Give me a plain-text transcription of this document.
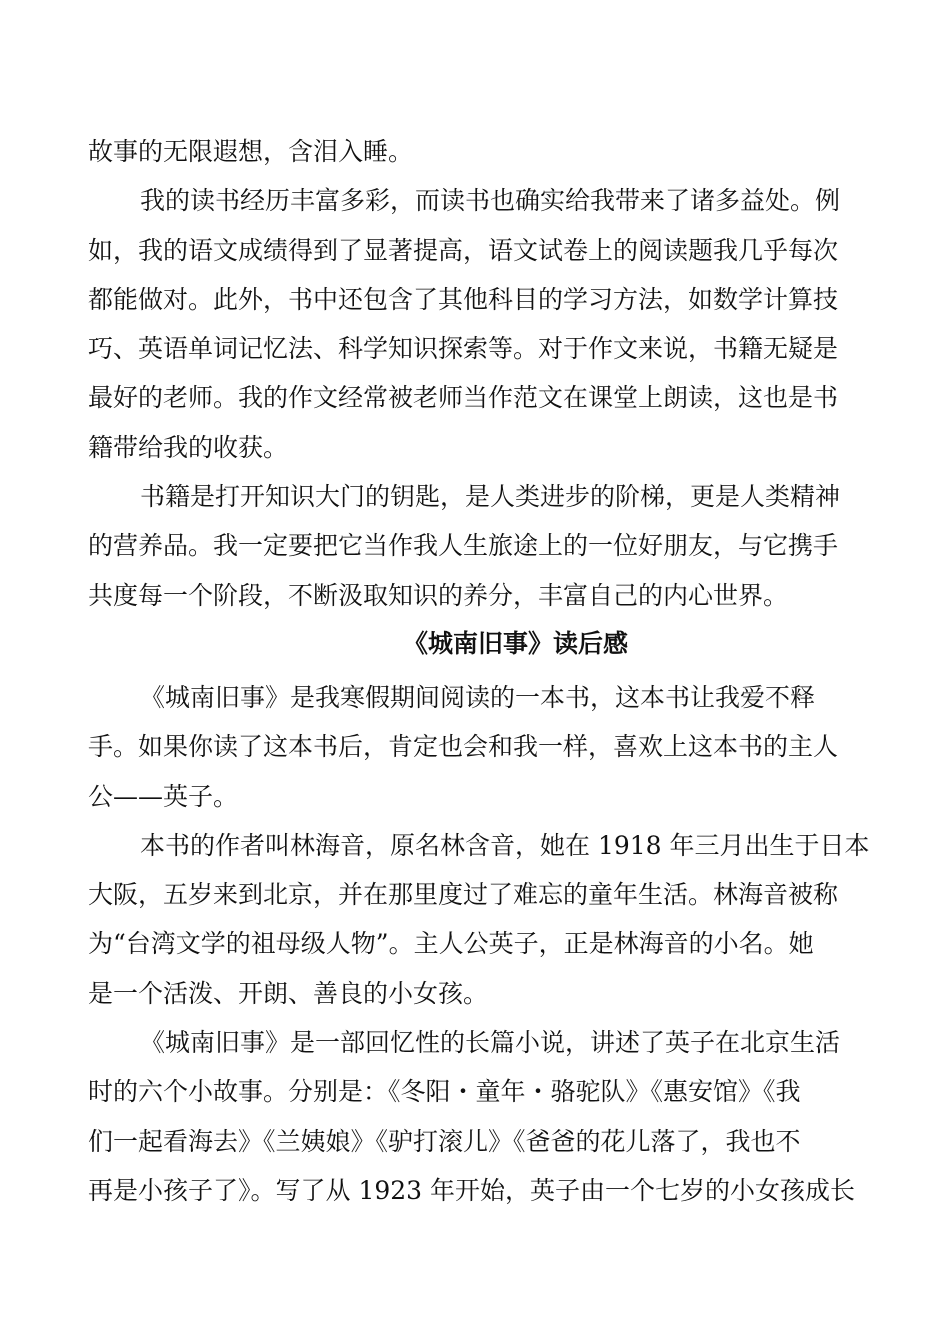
故事的无限遐想，含泪入睡。
我的读书经历丰富多彩，而读书也确实给我带来了诸多益处。例
如，我的语文成绩得到了显著提高，语文试卷上的阅读题我几乎每次
都能做对。此外，书中还包含了其他科目的学习方法，如数学计算技
巧、英语单词记忆法、科学知识探索等。对于作文来说，书籍无疑是
最好的老师。我的作文经常被老师当作范文在课堂上朗读，这也是书
籍带给我的收获。
书籍是打开知识大门的钥匙，是人类进步的阶梯，更是人类精神
的营养品。我一定要把它当作我人生旅途上的一位好朋友，与它携手
共度每一个阶段，不断汲取知识的养分，丰富自己的内心世界。
《城南旧事》读后感
《城南旧事》是我寒假期间阅读的一本书，这本书让我爱不释
手。如果你读了这本书后，肯定也会和我一样，喜欢上这本书的主人
公——英子。
本书的作者叫林海音，原名林含音，她在 1918 年三月出生于日本
大阪，五岁来到北京，并在那里度过了难忘的童年生活。林海音被称
为“台湾文学的祖母级人物”。主人公英子，正是林海音的小名。她
是一个活泼、开朗、善良的小女孩。
《城南旧事》是一部回忆性的长篇小说，讲述了英子在北京生活
时的六个小故事。分别是：《冬阳・童年・骆驼队》《惠安馆》《我
们一起看海去》《兰姨娘》《驴打滚儿》《爸爸的花儿落了，我也不
再是小孩子了》。写了从 1923 年开始，英子由一个七岁的小女孩成长
